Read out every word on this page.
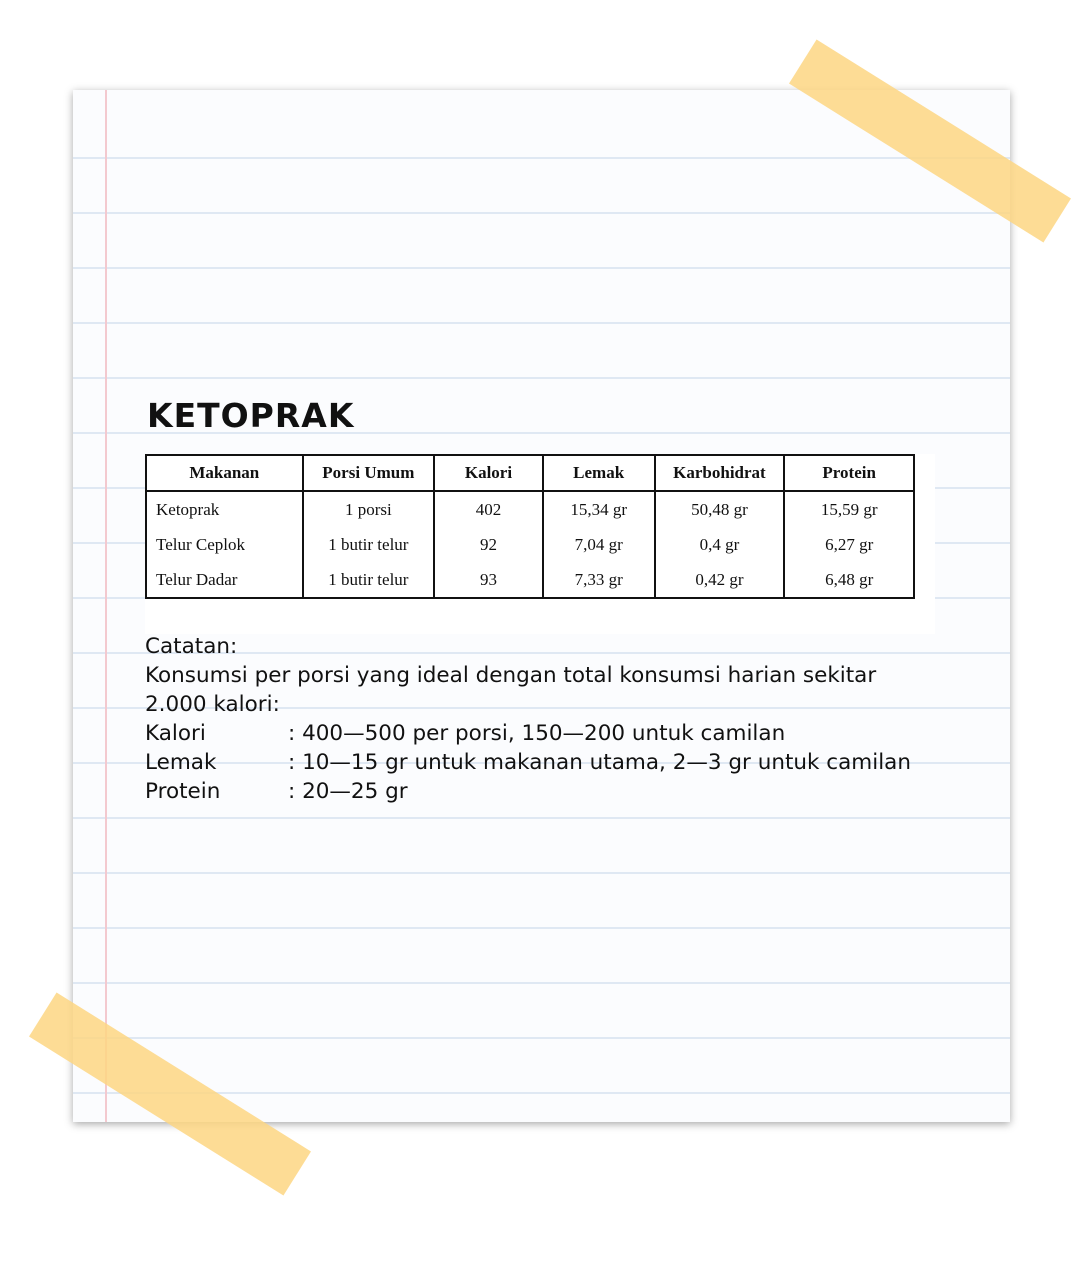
KETOPRAK
Makanan	Porsi Umum	Kalori	Lemak	Karbohidrat	Protein
Ketoprak	1 porsi	402	15,34 gr	50,48 gr	15,59 gr
Telur Ceplok	1 butir telur	92	7,04 gr	0,4 gr	6,27 gr
Telur Dadar	1 butir telur	93	7,33 gr	0,42 gr	6,48 gr
Catatan:
Konsumsi per porsi yang ideal dengan total konsumsi harian sekitar
2.000 kalori:
Kalori	: 400—500 per porsi, 150—200 untuk camilan
Lemak	: 10—15 gr untuk makanan utama, 2—3 gr untuk camilan
Protein	: 20—25 gr
